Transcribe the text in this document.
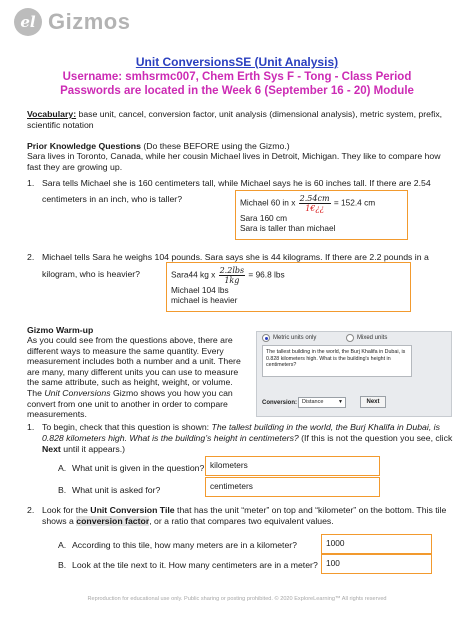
el Gizmos
Unit ConversionsSE (Unit Analysis)
Username: smhsrmc007, Chem Erth Sys F - Tong - Class Period
Passwords are located in the Week 6 (September 16 - 20) Module
Vocabulary: base unit, cancel, conversion factor, unit analysis (dimensional analysis), metric system, prefix, scientific notation
Prior Knowledge Questions (Do these BEFORE using the Gizmo.)
Sara lives in Toronto, Canada, while her cousin Michael lives in Detroit, Michigan. They like to compare how fast they are growing up.
1. Sara tells Michael she is 160 centimeters tall, while Michael says he is 60 inches tall. If there are 2.54
centimeters in an inch, who is taller?	Michael 60 in x $\frac{2.54cm}{1€¿¿} = 152.4$ cm
Sara 160 cm
Sara is taller than michael
2. Michael tells Sara he weighs 104 pounds. Sara says she is 44 kilograms. If there are 2.2 pounds in a
kilogram, who is heavier?	Sara44 kg x $\frac{\text{2.2lbs}}{1kg} = 96.8$ lbs
Michael 104 lbs
michael is heavier
Gizmo Warm-up
As you could see from the questions above, there are different ways to measure the same quantity. Every measurement includes both a number and a unit. There are many, many different units you can use to measure the same attribute, such as height, weight, or volume. The Unit Conversions Gizmo shows you how you can convert from one unit to another in order to compare measurements.
Metric units only	Mixed units
The tallest building in the world, the Burj Khalifa in Dubai, is 0.828 kilometers high. What is the building's height in centimeters?
Conversion: Distance	▼	Next
1. To begin, check that this question is shown: The tallest building in the world, the Burj Khalifa in Dubai, is
0.828 kilometers high. What is the building’s height in centimeters? (If this is not the question you see, click
Next until it appears.)
A. What unit is given in the question? kilometers
B. What unit is asked for?	centimeters
2. Look for the Unit Conversion Tile that has the unit “meter” on top and “kilometer” on the bottom. This tile
shows a conversion factor, or a ratio that compares two equivalent values.
A. According to this tile, how many meters are in a kilometer?	1000
B. Look at the tile next to it. How many centimeters are in a meter? 100
Reproduction for educational use only. Public sharing or posting prohibited. © 2020 ExploreLearning™ All rights reserved
